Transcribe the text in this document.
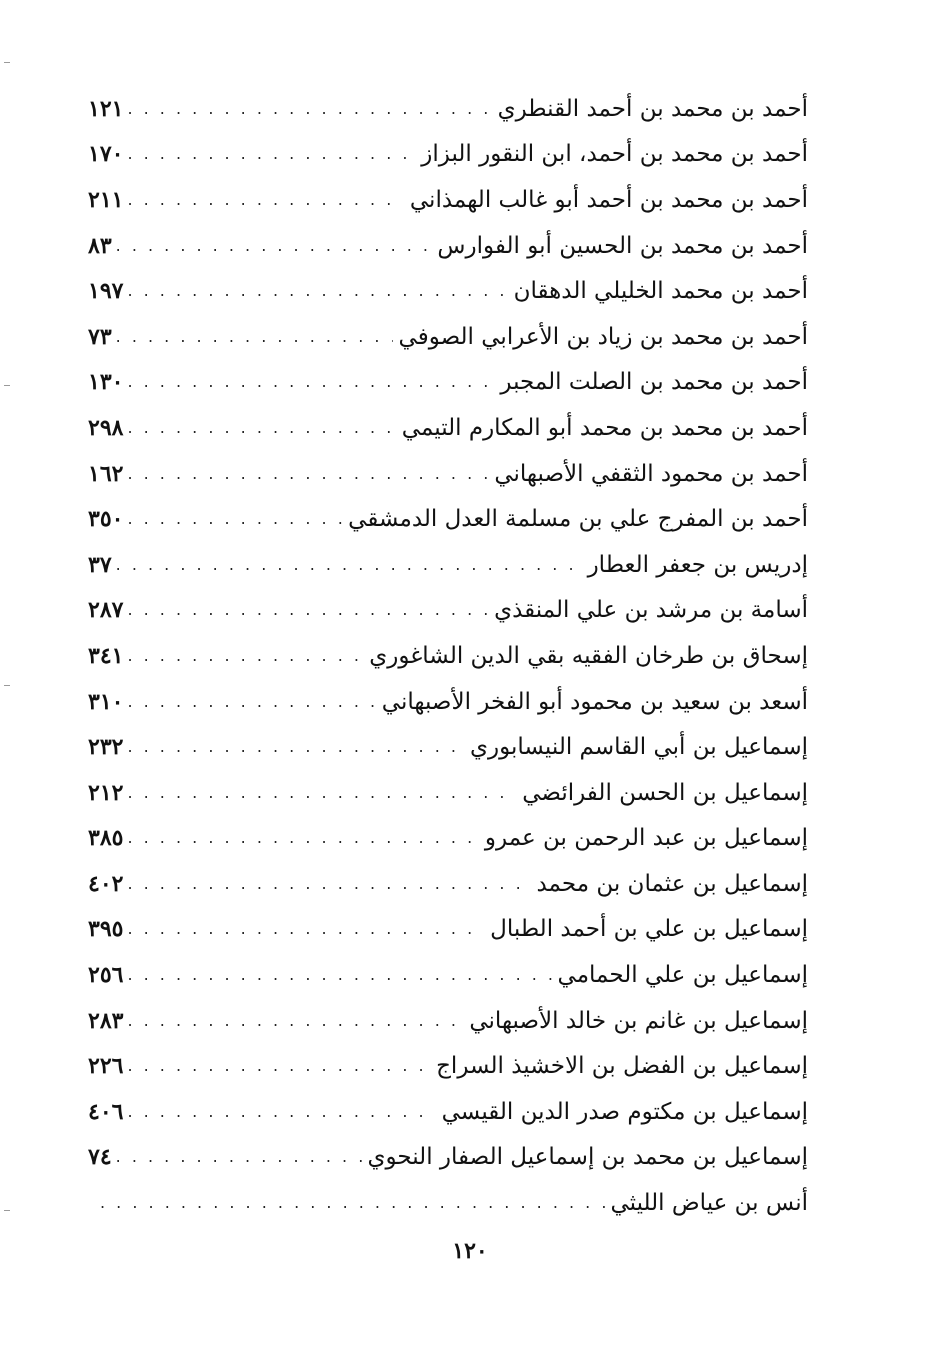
أحمد بن محمد بن أحمد القنطري
. . .
١٢١
أحمد بن محمد بن أحمد، ابن النقور البزاز
. . .
١٧٠
أحمد بن محمد بن أحمد أبو غالب الهمذاني
. . .
٢١١
أحمد بن محمد بن الحسين أبو الفوارس
. . .
٨٣
أحمد بن محمد الخليلي الدهقان
. . .
١٩٧
أحمد بن محمد بن زياد بن الأعرابي الصوفي
. . .
٧٣
أحمد بن محمد بن الصلت المجبر
. . .
١٣٠
أحمد بن محمد بن محمد أبو المكارم التيمي
. . .
٢٩٨
أحمد بن محمود الثقفي الأصبهاني
. . .
١٦٢
أحمد بن المفرج علي بن مسلمة العدل الدمشقي
. . .
٣٥٠
إدريس بن جعفر العطار
. . .
٣٧
أسامة بن مرشد بن علي المنقذي
. . .
٢٨٧
إسحاق بن طرخان الفقيه بقي الدين الشاغوري
. . .
٣٤١
أسعد بن سعيد بن محمود أبو الفخر الأصبهاني
. . .
٣١٠
إسماعيل بن أبي القاسم النيسابوري
. . .
٢٣٢
إسماعيل بن الحسن الفرائضي
. . .
٢١٢
إسماعيل بن عبد الرحمن بن عمرو
. . .
٣٨٥
إسماعيل بن عثمان بن محمد
. . .
٤٠٢
إسماعيل بن علي بن أحمد الطبال
. . .
٣٩٥
إسماعيل بن علي الحمامي
. . .
٢٥٦
إسماعيل بن غانم بن خالد الأصبهاني
. . .
٢٨٣
إسماعيل بن الفضل بن الاخشيذ السراج
. . .
٢٢٦
إسماعيل بن مكتوم صدر الدين القيسي
. . .
٤٠٦
إسماعيل بن محمد بن إسماعيل الصفار النحوي
. . .
٧٤
أنس بن عياض الليثي
. . .
١٢٠
